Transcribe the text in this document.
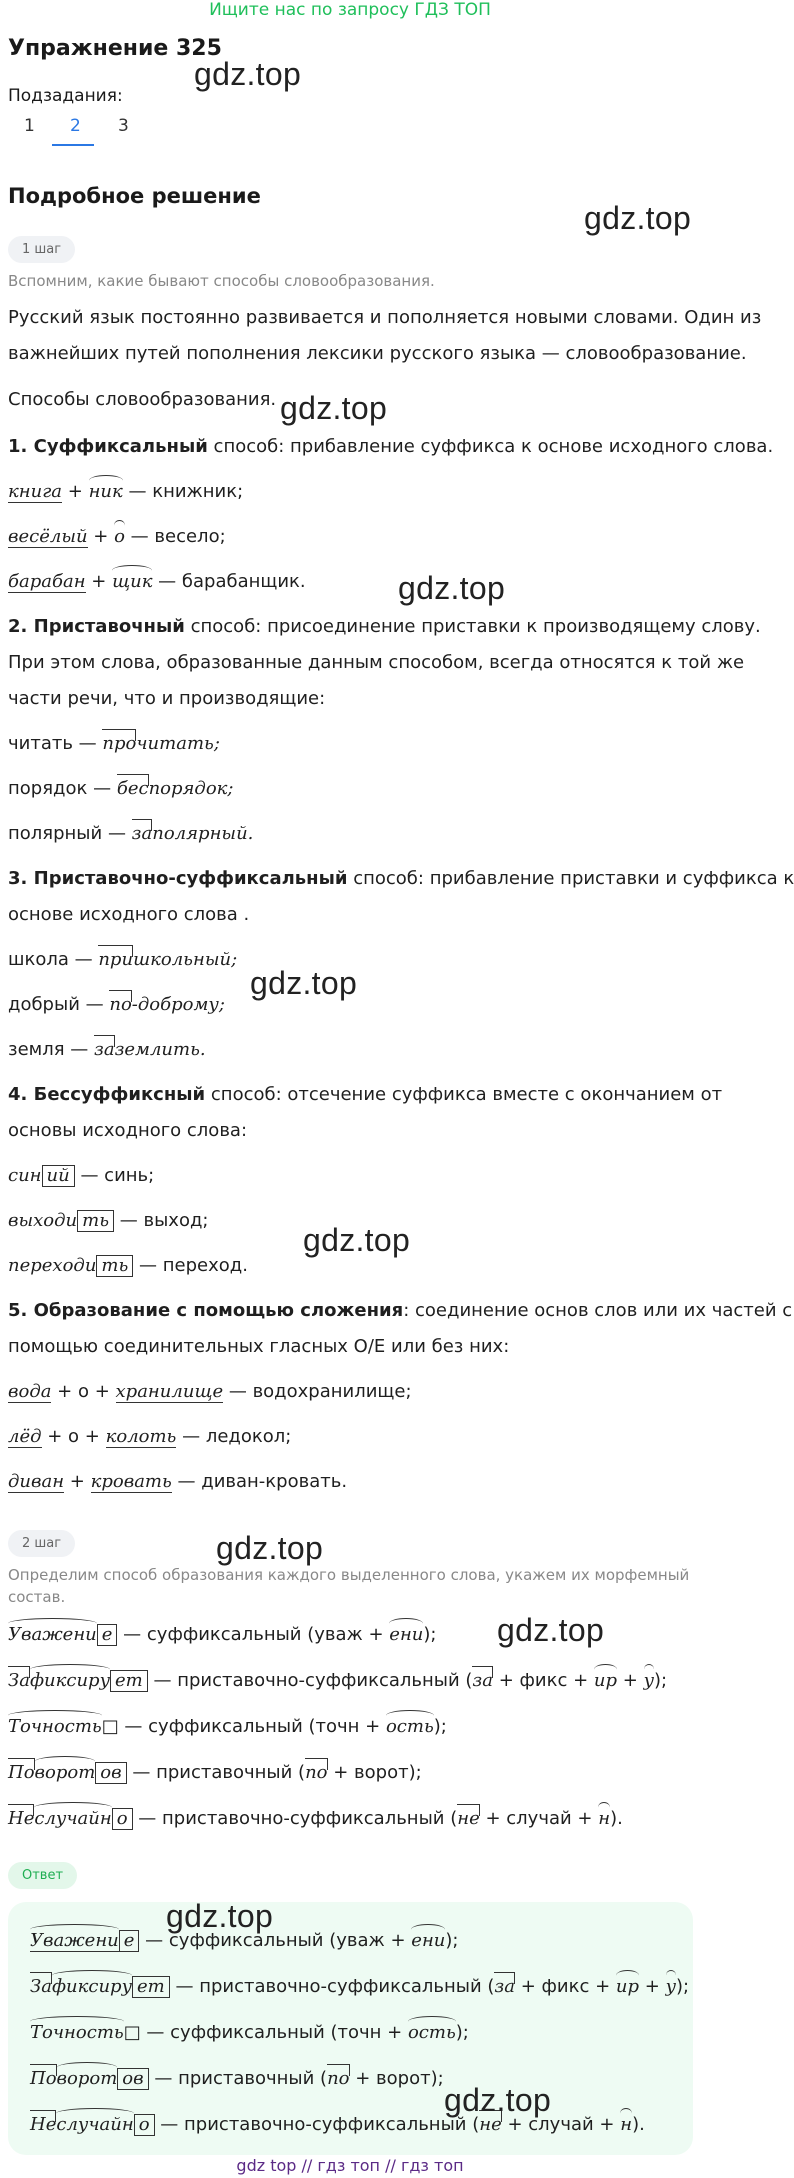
Ищите нас по запросу ГДЗ ТОП
Упражнение 325
Подзадания:
1 2 3
Подробное решение
1 шаг
Вспомним, какие бывают способы словообразования.
Русский язык постоянно развивается и пополняется новыми словами. Один из
важнейших путей пополнения лексики русского языка — словообразование.
Способы словообразования.
1. Суффиксальный способ: прибавление суффикса к основе исходного слова.
книга + ник — книжник;
весёлый + о — весело;
барабан + щик — барабанщик.
2. Приставочный способ: присоединение приставки к производящему слову.
При этом слова, образованные данным способом, всегда относятся к той же
части речи, что и производящие:
читать — прочитать;
порядок — беспорядок;
полярный — заполярный.
3. Приставочно-суффиксальный способ: прибавление приставки и суффикса к
основе исходного слова .
школа — пришкольный;
добрый — по-доброму;
земля — заземлить.
4. Бессуффиксный способ: отсечение суффикса вместе с окончанием от
основы исходного слова:
син ий — синь;
выходи ть — выход;
переходи ть — переход.
5. Образование с помощью сложения: соединение основ слов или их частей с
помощью соединительных гласных О/Е или без них:
вода + о + хранилище — водохранилище;
лёд + о + колоть — ледокол;
диван + кровать — диван-кровать.
2 шаг
Определим способ образования каждого выделенного слова, укажем их морфемный
состав.
Уважени е — суффиксальный (уваж + ени);
Зафиксиру ет — приставочно-суффиксальный (за + фикс + ир + у);
Точность□ — суффиксальный (точн + ость);
Поворот ов — приставочный (по + ворот);
Неслучайн о — приставочно-суффиксальный (не + случай + н).
Ответ
Уважени е — суффиксальный (уваж + ени);
Зафиксиру ет — приставочно-суффиксальный (за + фикс + ир + у);
Точность□ — суффиксальный (точн + ость);
Поворот ов — приставочный (по + ворот);
Неслучайн о — приставочно-суффиксальный (не + случай + н).
gdz top // гдз топ // гдз топ
gdz.top
gdz.top
gdz.top
gdz.top
gdz.top
gdz.top
gdz.top
gdz.top
gdz.top
gdz.top
